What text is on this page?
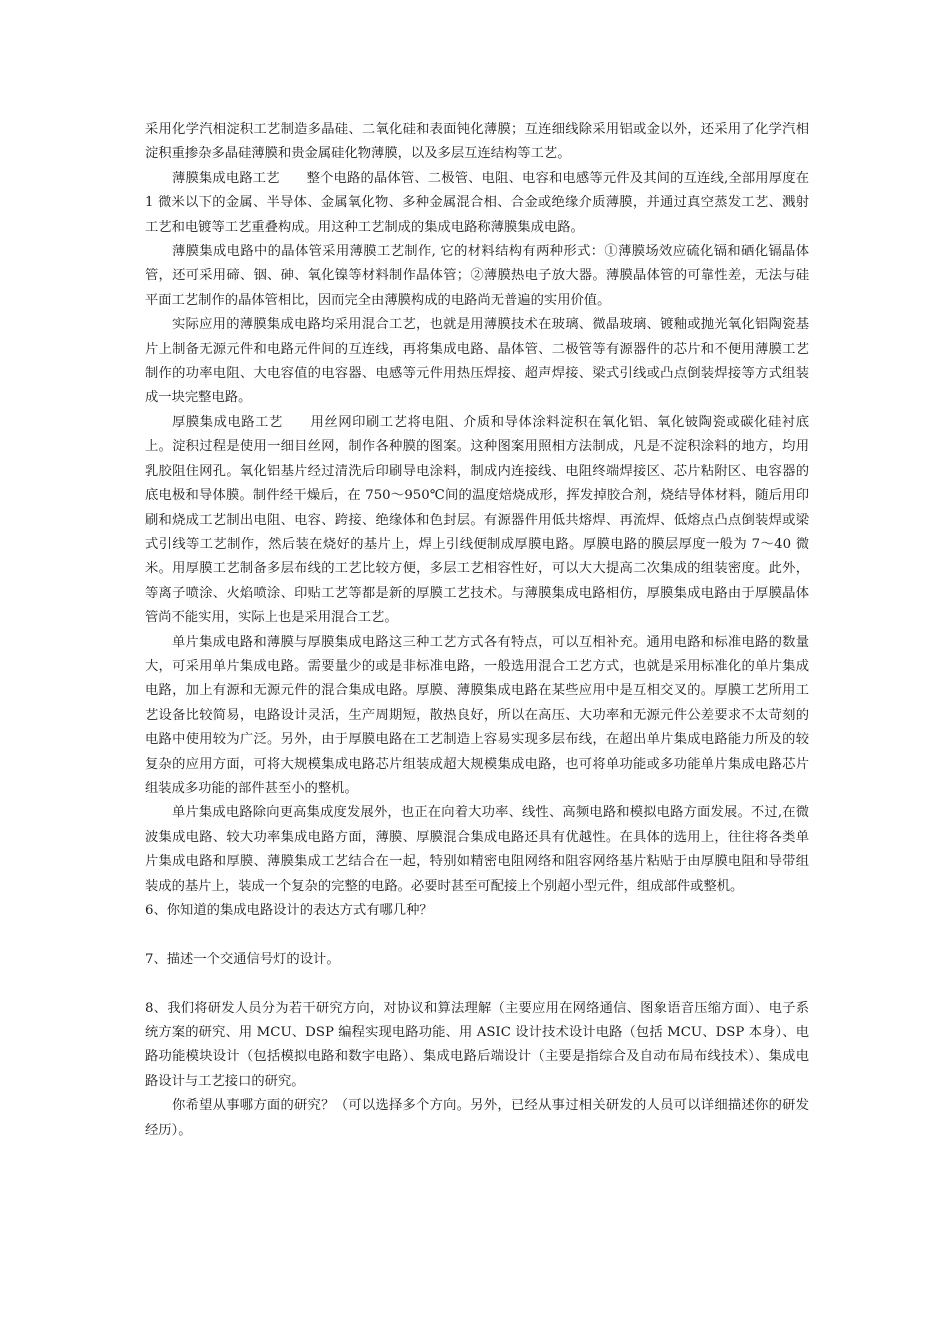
采用化学汽相淀积工艺制造多晶硅、二氧化硅和表面钝化薄膜；互连细线除采用铝或金以外，还采用了化学汽相淀积重掺杂多晶硅薄膜和贵金属硅化物薄膜，以及多层互连结构等工艺。

薄膜集成电路工艺　　整个电路的晶体管、二极管、电阻、电容和电感等元件及其间的互连线,全部用厚度在 1 微米以下的金属、半导体、金属氧化物、多种金属混合相、合金或绝缘介质薄膜，并通过真空蒸发工艺、溅射工艺和电镀等工艺重叠构成。用这种工艺制成的集成电路称薄膜集成电路。

薄膜集成电路中的晶体管采用薄膜工艺制作, 它的材料结构有两种形式：①薄膜场效应硫化镉和硒化镉晶体管，还可采用碲、铟、砷、氧化镍等材料制作晶体管；②薄膜热电子放大器。薄膜晶体管的可靠性差，无法与硅平面工艺制作的晶体管相比，因而完全由薄膜构成的电路尚无普遍的实用价值。

实际应用的薄膜集成电路均采用混合工艺，也就是用薄膜技术在玻璃、微晶玻璃、镀釉或抛光氧化铝陶瓷基片上制备无源元件和电路元件间的互连线，再将集成电路、晶体管、二极管等有源器件的芯片和不便用薄膜工艺制作的功率电阻、大电容值的电容器、电感等元件用热压焊接、超声焊接、梁式引线或凸点倒装焊接等方式组装成一块完整电路。

厚膜集成电路工艺　　用丝网印刷工艺将电阻、介质和导体涂料淀积在氧化铝、氧化铍陶瓷或碳化硅衬底上。淀积过程是使用一细目丝网，制作各种膜的图案。这种图案用照相方法制成，凡是不淀积涂料的地方，均用乳胶阻住网孔。氧化铝基片经过清洗后印刷导电涂料，制成内连接线、电阻终端焊接区、芯片粘附区、电容器的底电极和导体膜。制件经干燥后，在 750～950℃间的温度焙烧成形，挥发掉胶合剂，烧结导体材料，随后用印刷和烧成工艺制出电阻、电容、跨接、绝缘体和色封层。有源器件用低共熔焊、再流焊、低熔点凸点倒装焊或梁式引线等工艺制作，然后装在烧好的基片上，焊上引线便制成厚膜电路。厚膜电路的膜层厚度一般为 7～40 微米。用厚膜工艺制备多层布线的工艺比较方便，多层工艺相容性好，可以大大提高二次集成的组装密度。此外，等离子喷涂、火焰喷涂、印贴工艺等都是新的厚膜工艺技术。与薄膜集成电路相仿，厚膜集成电路由于厚膜晶体管尚不能实用，实际上也是采用混合工艺。

单片集成电路和薄膜与厚膜集成电路这三种工艺方式各有特点，可以互相补充。通用电路和标准电路的数量大，可采用单片集成电路。需要量少的或是非标准电路，一般选用混合工艺方式，也就是采用标准化的单片集成电路，加上有源和无源元件的混合集成电路。厚膜、薄膜集成电路在某些应用中是互相交叉的。厚膜工艺所用工艺设备比较简易，电路设计灵活，生产周期短，散热良好，所以在高压、大功率和无源元件公差要求不太苛刻的电路中使用较为广泛。另外，由于厚膜电路在工艺制造上容易实现多层布线，在超出单片集成电路能力所及的较复杂的应用方面，可将大规模集成电路芯片组装成超大规模集成电路，也可将单功能或多功能单片集成电路芯片组装成多功能的部件甚至小的整机。

单片集成电路除向更高集成度发展外，也正在向着大功率、线性、高频电路和模拟电路方面发展。不过,在微波集成电路、较大功率集成电路方面，薄膜、厚膜混合集成电路还具有优越性。在具体的选用上，往往将各类单片集成电路和厚膜、薄膜集成工艺结合在一起，特别如精密电阻网络和阻容网络基片粘贴于由厚膜电阻和导带组装成的基片上，装成一个复杂的完整的电路。必要时甚至可配接上个别超小型元件，组成部件或整机。

6、你知道的集成电路设计的表达方式有哪几种？

7、描述一个交通信号灯的设计。

8、我们将研发人员分为若干研究方向，对协议和算法理解（主要应用在网络通信、图象语音压缩方面）、电子系统方案的研究、用 MCU、DSP 编程实现电路功能、用 ASIC 设计技术设计电路（包括 MCU、DSP 本身）、电路功能模块设计（包括模拟电路和数字电路）、集成电路后端设计（主要是指综合及自动布局布线技术）、集成电路设计与工艺接口的研究。

你希望从事哪方面的研究？（可以选择多个方向。另外，已经从事过相关研发的人员可以详细描述你的研发经历）。
